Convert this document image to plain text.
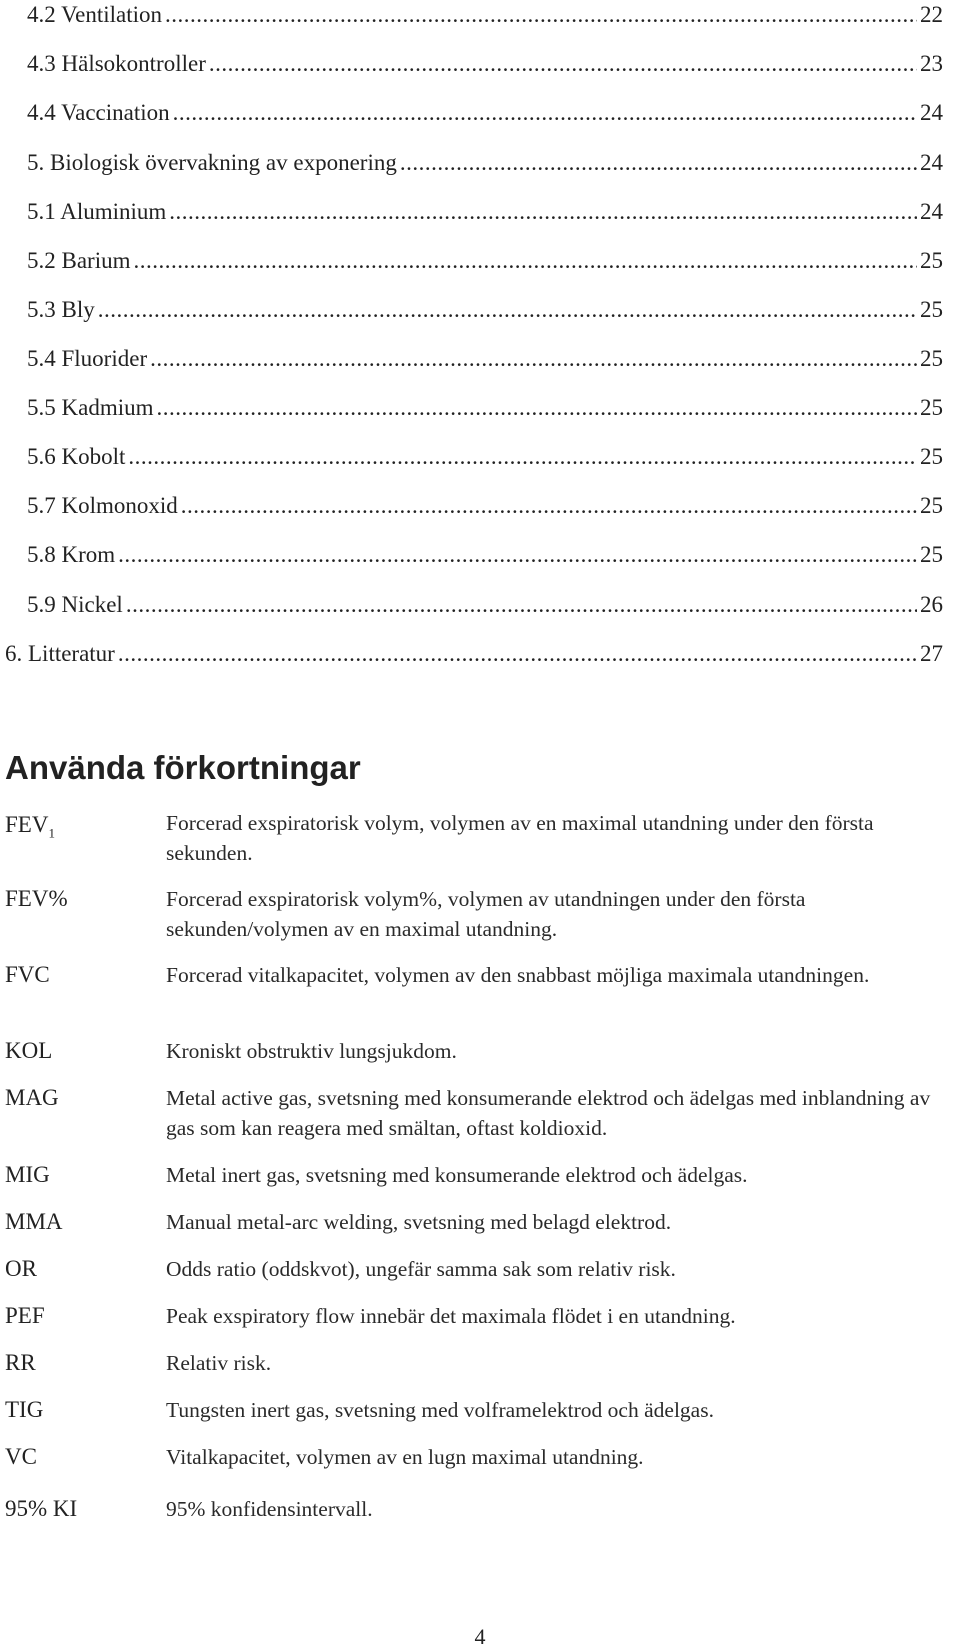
4.2 Ventilation .....	22
4.3 Hälsokontroller .....	23
4.4 Vaccination .....	24
5. Biologisk övervakning av exponering .....	24
5.1 Aluminium .....	24
5.2 Barium .....	25
5.3 Bly .....	25
5.4 Fluorider .....	25
5.5 Kadmium .....	25
5.6 Kobolt .....	25
5.7 Kolmonoxid .....	25
5.8 Krom .....	25
5.9 Nickel .....	26
6. Litteratur .....	27
Använda förkortningar
$FEV_1$	Forcerad exspiratorisk volym, volymen av en maximal utandning under den första sekunden.
FEV%	Forcerad exspiratorisk volym%, volymen av utandningen under den första sekunden/volymen av en maximal utandning.
FVC	Forcerad vitalkapacitet, volymen av den snabbast möjliga maximala utandningen.
KOL	Kroniskt obstruktiv lungsjukdom.
MAG	Metal active gas, svetsning med konsumerande elektrod och ädelgas med inblandning av gas som kan reagera med smältan, oftast koldioxid.
MIG	Metal inert gas, svetsning med konsumerande elektrod och ädelgas.
MMA	Manual metal-arc welding, svetsning med belagd elektrod.
OR	Odds ratio (oddskvot), ungefär samma sak som relativ risk.
PEF	Peak exspiratory flow innebär det maximala flödet i en utandning.
RR	Relativ risk.
TIG	Tungsten inert gas, svetsning med volframelektrod och ädelgas.
VC	Vitalkapacitet, volymen av en lugn maximal utandning.
95% KI	95% konfidensintervall.
4
